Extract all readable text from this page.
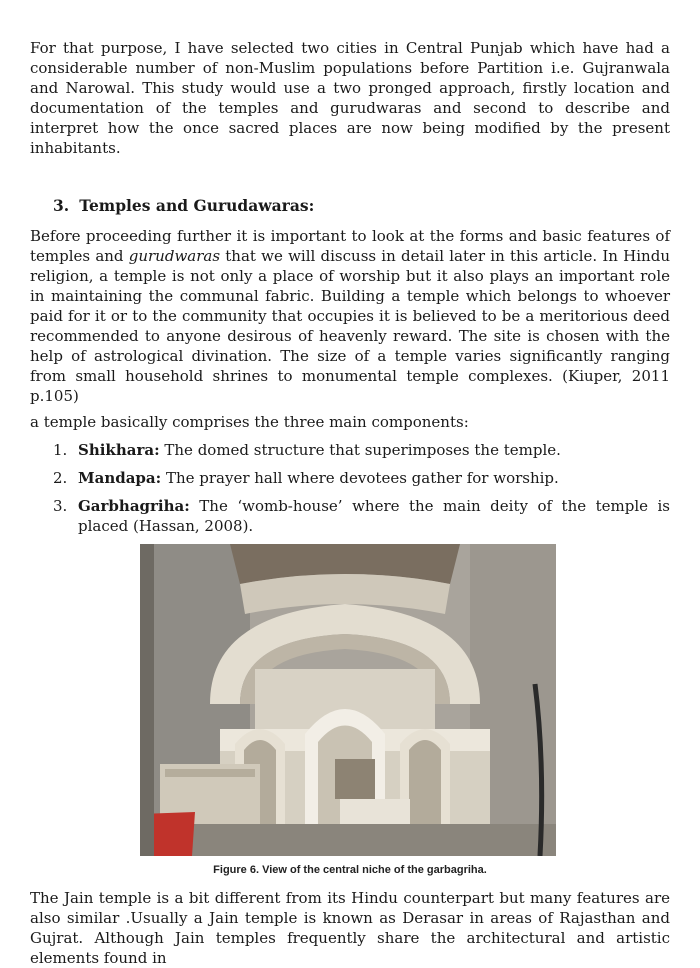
For that purpose, I have selected two cities in Central Punjab which have had a considerable number of non-Muslim populations before Partition i.e. Gujranwala and Narowal. This study would use a two pronged approach, firstly location and documentation of the temples and gurudwaras and second to describe and interpret how the once sacred places are now being modified by the present inhabitants.

3. Temples and Gurudawaras:

Before proceeding further it is important to look at the forms and basic features of temples and gurudwaras that we will discuss in detail later in this article. In Hindu religion, a temple is not only a place of worship but it also plays an important role in maintaining the communal fabric. Building a temple which belongs to whoever paid for it or to the community that occupies it is believed to be a meritorious deed recommended to anyone desirous of heavenly reward. The site is chosen with the help of astrological divination. The size of a temple varies significantly ranging from small household shrines to monumental temple complexes. (Kiuper, 2011 p.105)

a temple basically comprises the three main components:

1. Shikhara: The domed structure that superimposes the temple.
2. Mandapa: The prayer hall where devotees gather for worship.
3. Garbhagriha: The ‘womb-house’ where the main deity of the temple is placed (Hassan, 2008).
Figure 6. View of the central niche of the garbagriha.

The Jain temple is a bit different from its Hindu counterpart but many features are also similar .Usually a Jain temple is known as Derasar in areas of Rajasthan and Gujrat. Although Jain temples frequently share the architectural and artistic elements found in
